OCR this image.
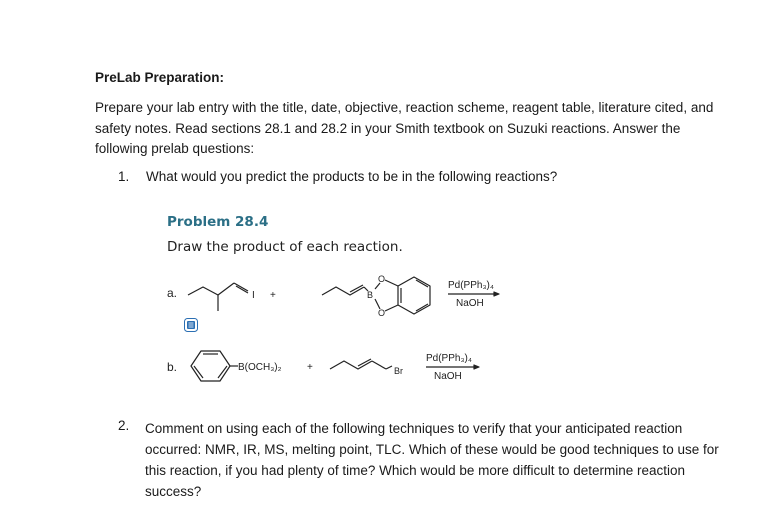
PreLab Preparation:
Prepare your lab entry with the title, date, objective, reaction scheme, reagent table, literature cited, and safety notes. Read sections 28.1 and 28.2 in your Smith textbook on Suzuki reactions. Answer the following prelab questions:
1. What would you predict the products to be in the following reactions?
Problem 28.4
Draw the product of each reaction.
a.	I +	B
O
O
Pd(PPh₃)₄
NaOH
b.	B(OCH₃)₂	+	Br
Pd(PPh₃)₄
NaOH
2. Comment on using each of the following techniques to verify that your anticipated reaction occurred: NMR, IR, MS, melting point, TLC. Which of these would be good techniques to use for this reaction, if you had plenty of time? Which would be more difficult to determine reaction success?
